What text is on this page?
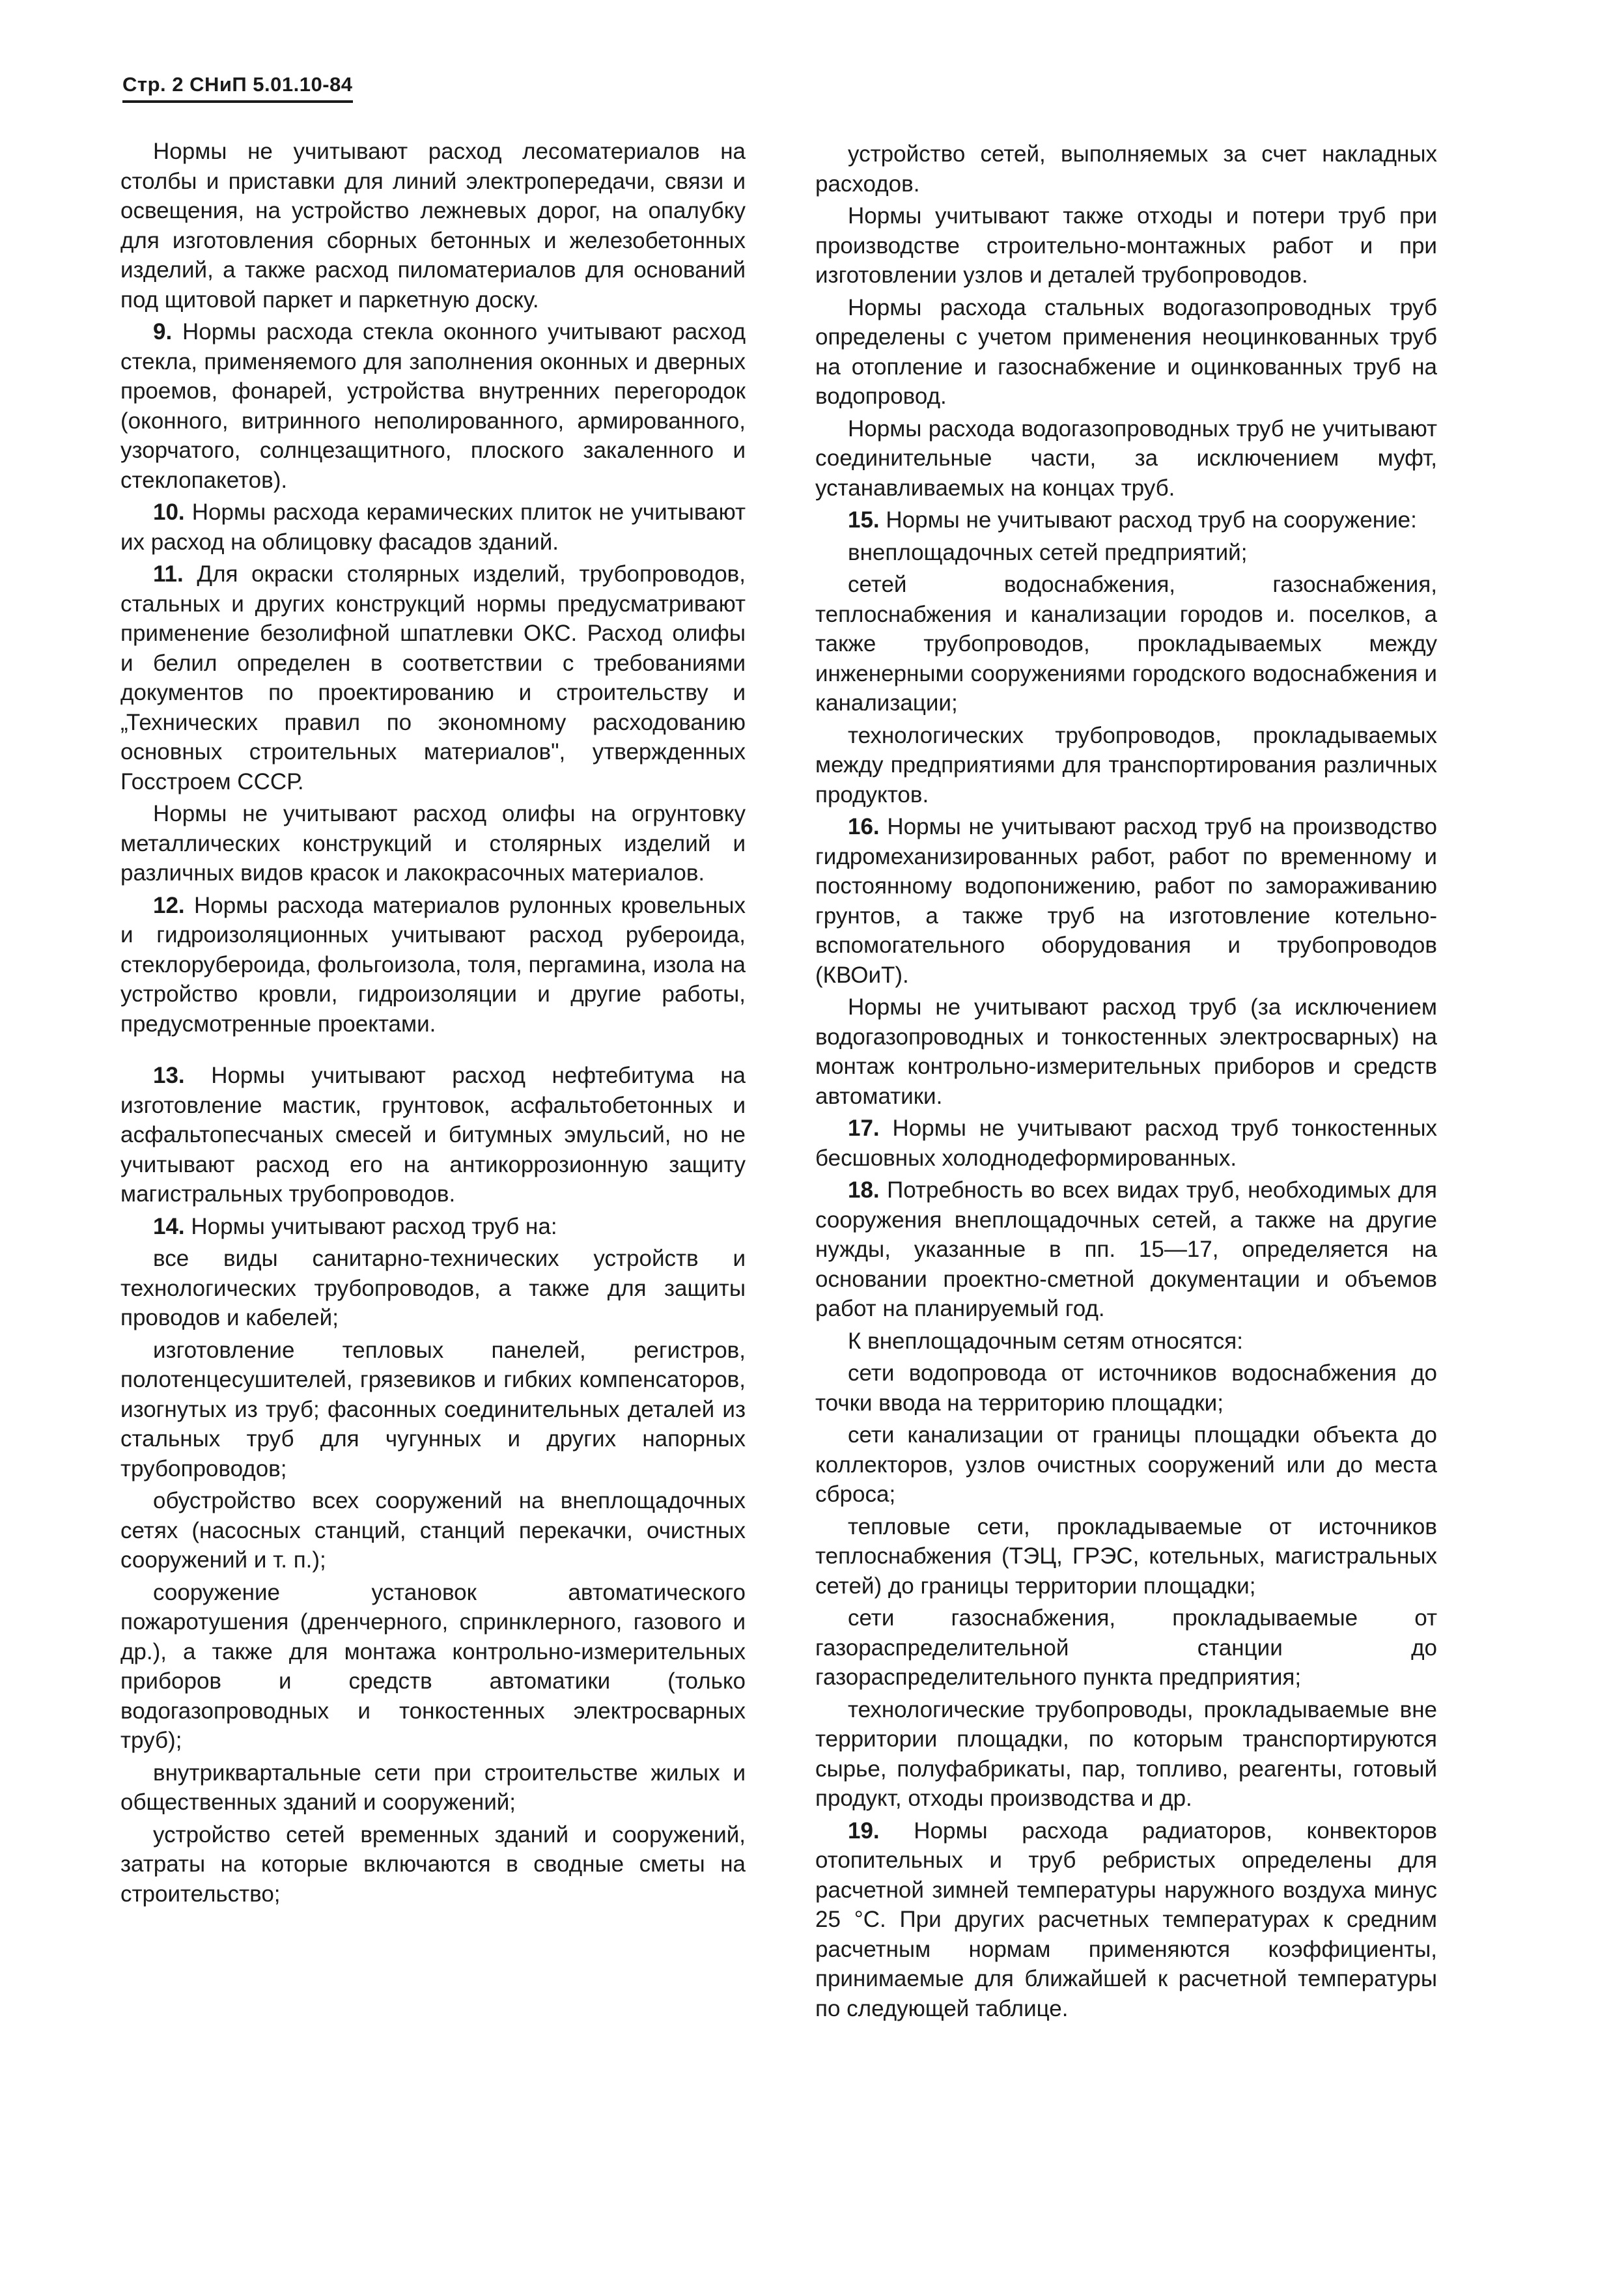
Стр. 2 СНиП 5.01.10-84

Нормы не учитывают расход лесоматериалов на столбы и приставки для линий электропередачи, связи и освещения, на устройство лежневых дорог, на опалубку для изготовления сборных бетонных и железобетонных изделий, а также расход пиломатериалов для оснований под щитовой паркет и паркетную доску.

9. Нормы расхода стекла оконного учитывают расход стекла, применяемого для заполнения оконных и дверных проемов, фонарей, устройства внутренних перегородок (оконного, витринного неполированного, армированного, узорчатого, солнцезащитного, плоского закаленного и стеклопакетов).

10. Нормы расхода керамических плиток не учитывают их расход на облицовку фасадов зданий.

11. Для окраски столярных изделий, трубопроводов, стальных и других конструкций нормы предусматривают применение безолифной шпатлевки ОКС. Расход олифы и белил определен в соответствии с требованиями документов по проектированию и строительству и „Технических правил по экономному расходованию основных строительных материалов", утвержденных Госстроем СССР.

Нормы не учитывают расход олифы на огрунтовку металлических конструкций и столярных изделий и различных видов красок и лакокрасочных материалов.

12. Нормы расхода материалов рулонных кровельных и гидроизоляционных учитывают расход рубероида, стеклорубероида, фольгоизола, толя, пергамина, изола на устройство кровли, гидроизоляции и другие работы, предусмотренные проектами.

13. Нормы учитывают расход нефтебитума на изготовление мастик, грунтовок, асфальтобетонных и асфальтопесчаных смесей и битумных эмульсий, но не учитывают расход его на антикоррозионную защиту магистральных трубопроводов.

14. Нормы учитывают расход труб на:

все виды санитарно-технических устройств и технологических трубопроводов, а также для защиты проводов и кабелей;

изготовление тепловых панелей, регистров, полотенцесушителей, грязевиков и гибких компенсаторов, изогнутых из труб; фасонных соединительных деталей из стальных труб для чугунных и других напорных трубопроводов;

обустройство всех сооружений на внеплощадочных сетях (насосных станций, станций перекачки, очистных сооружений и т. п.);

сооружение установок автоматического пожаротушения (дренчерного, спринклерного, газового и др.), а также для монтажа контрольно-измерительных приборов и средств автоматики (только водогазопроводных и тонкостенных электросварных труб);

внутриквартальные сети при строительстве жилых и общественных зданий и сооружений;

устройство сетей временных зданий и сооружений, затраты на которые включаются в сводные сметы на строительство;

устройство сетей, выполняемых за счет накладных расходов.

Нормы учитывают также отходы и потери труб при производстве строительно-монтажных работ и при изготовлении узлов и деталей трубопроводов.

Нормы расхода стальных водогазопроводных труб определены с учетом применения неоцинкованных труб на отопление и газоснабжение и оцинкованных труб на водопровод.

Нормы расхода водогазопроводных труб не учитывают соединительные части, за исключением муфт, устанавливаемых на концах труб.

15. Нормы не учитывают расход труб на сооружение:

внеплощадочных сетей предприятий;

сетей водоснабжения, газоснабжения, теплоснабжения и канализации городов и. поселков, а также трубопроводов, прокладываемых между инженерными сооружениями городского водоснабжения и канализации;

технологических трубопроводов, прокладываемых между предприятиями для транспортирования различных продуктов.

16. Нормы не учитывают расход труб на производство гидромеханизированных работ, работ по временному и постоянному водопонижению, работ по замораживанию грунтов, а также труб на изготовление котельно-вспомогательного оборудования и трубопроводов (КВОиТ).

Нормы не учитывают расход труб (за исключением водогазопроводных и тонкостенных электросварных) на монтаж контрольно-измерительных приборов и средств автоматики.

17. Нормы не учитывают расход труб тонкостенных бесшовных холоднодеформированных.

18. Потребность во всех видах труб, необходимых для сооружения внеплощадочных сетей, а также на другие нужды, указанные в пп. 15—17, определяется на основании проектно-сметной документации и объемов работ на планируемый год.

К внеплощадочным сетям относятся:

сети водопровода от источников водоснабжения до точки ввода на территорию площадки;

сети канализации от границы площадки объекта до коллекторов, узлов очистных сооружений или до места сброса;

тепловые сети, прокладываемые от источников теплоснабжения (ТЭЦ, ГРЭС, котельных, магистральных сетей) до границы территории площадки;

сети газоснабжения, прокладываемые от газораспределительной станции до газораспределительного пункта предприятия;

технологические трубопроводы, прокладываемые вне территории площадки, по которым транспортируются сырье, полуфабрикаты, пар, топливо, реагенты, готовый продукт, отходы производства и др.

19. Нормы расхода радиаторов, конвекторов отопительных и труб ребристых определены для расчетной зимней температуры наружного воздуха минус 25 °С. При других расчетных температурах к средним расчетным нормам применяются коэффициенты, принимаемые для ближайшей к расчетной температуры по следующей таблице.
